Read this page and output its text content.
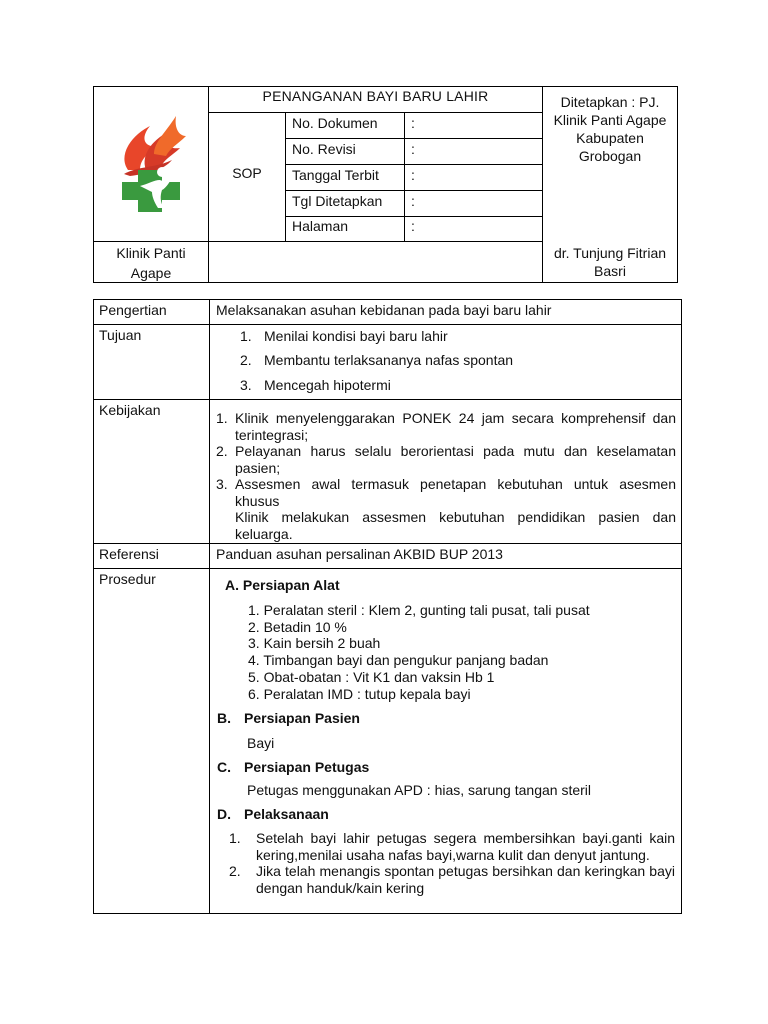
PENANGANAN BAYI BARU LAHIR
SOP
No. Dokumen :
No. Revisi	:
Tanggal Terbit :
Tgl Ditetapkan :
Halaman	:
Ditetapkan : PJ. Klinik Panti Agape Kabupaten Grobogan
Klinik Panti Agape
dr. Tunjung Fitrian Basri
Pengertian	Melaksanakan asuhan kebidanan pada bayi baru lahir
Tujuan	1. Menilai kondisi bayi baru lahir
2. Membantu terlaksananya nafas spontan
3. Mencegah hipotermi
Kebijakan	1. Klinik menyelenggarakan PONEK 24 jam secara komprehensif dan terintegrasi;
2. Pelayanan harus selalu berorientasi pada mutu dan keselamatan pasien;
3. Assesmen awal termasuk penetapan kebutuhan untuk asesmen khusus
Klinik melakukan assesmen kebutuhan pendidikan pasien dan keluarga.
Referensi	Panduan asuhan persalinan AKBID BUP 2013
Prosedur	A. Persiapan Alat
1. Peralatan steril : Klem 2, gunting tali pusat, tali pusat
2. Betadin 10 %
3. Kain bersih 2 buah
4. Timbangan bayi dan pengukur panjang badan
5. Obat-obatan : Vit K1 dan vaksin Hb 1
6. Peralatan IMD : tutup kepala bayi
B. Persiapan Pasien
Bayi
C. Persiapan Petugas
Petugas menggunakan APD : hias, sarung tangan steril
D. Pelaksanaan
1. Setelah bayi lahir petugas segera membersihkan bayi.ganti kain kering,menilai usaha nafas bayi,warna kulit dan denyut jantung.
2. Jika telah menangis spontan petugas bersihkan dan keringkan bayi dengan handuk/kain kering
